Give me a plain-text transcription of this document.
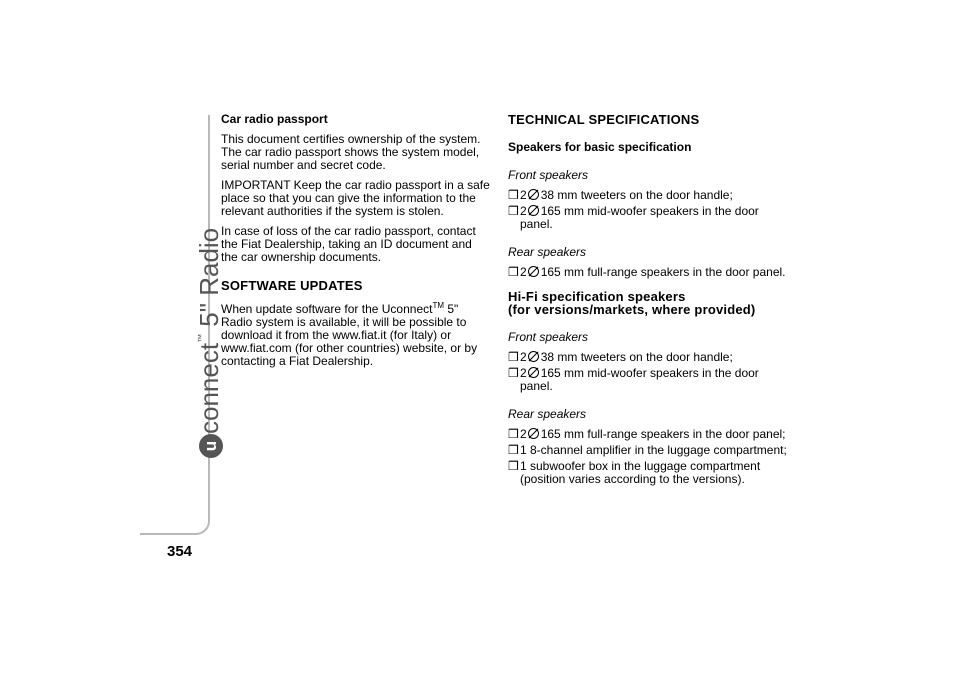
uconnect™ 5" Radio
354

Car radio passport

This document certifies ownership of the system. The car radio passport shows the system model, serial number and secret code.

IMPORTANT Keep the car radio passport in a safe place so that you can give the information to the relevant authorities if the system is stolen.

In case of loss of the car radio passport, contact the Fiat Dealership, taking an ID document and the car ownership documents.

SOFTWARE UPDATES

When update software for the Uconnect™ 5" Radio system is available, it will be possible to download it from the www.fiat.it (for Italy) or www.fiat.com (for other countries) website, or by contacting a Fiat Dealership.

TECHNICAL SPECIFICATIONS

Speakers for basic specification

Front speakers

❒ 2 38 mm tweeters on the door handle;
❒ 2 165 mm mid-woofer speakers in the door panel.

Rear speakers

❒ 2 165 mm full-range speakers in the door panel.

Hi-Fi specification speakers

(for versions/markets, where provided)

Front speakers

❒ 2 38 mm tweeters on the door handle;
❒ 2 165 mm mid-woofer speakers in the door panel.

Rear speakers

❒ 2 165 mm full-range speakers in the door panel;
❒ 1 8-channel amplifier in the luggage compartment;
❒ 1 subwoofer box in the luggage compartment (position varies according to the versions).
